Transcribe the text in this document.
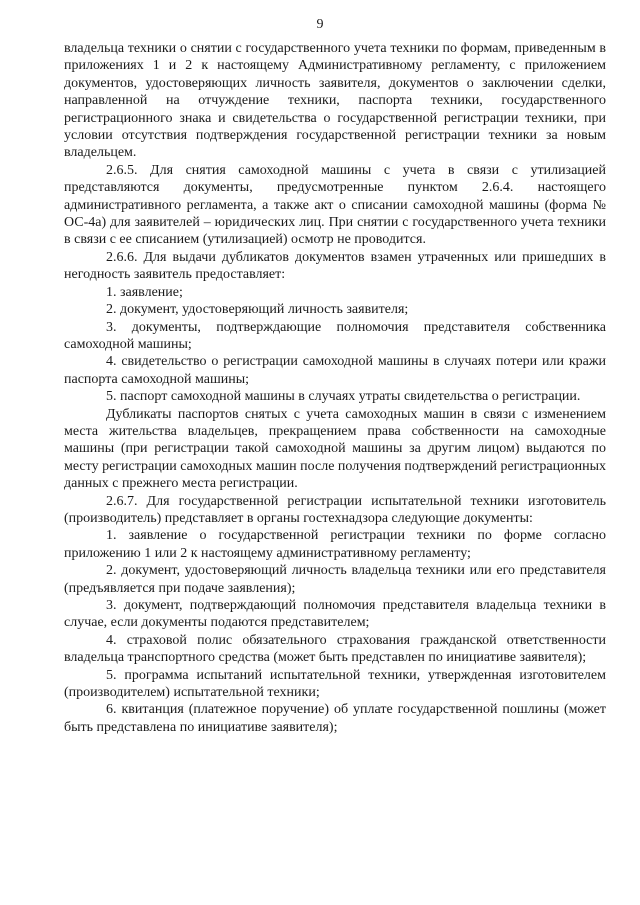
9

владельца техники о снятии с государственного учета техники по формам, приведенным в приложениях 1 и 2 к настоящему Административному регламенту, с приложением документов, удостоверяющих личность заявителя, документов о заключении сделки, направленной на отчуждение техники, паспорта техники, государственного регистрационного знака и свидетельства о государственной регистрации техники, при условии отсутствия подтверждения государственной регистрации техники за новым владельцем.

2.6.5. Для снятия самоходной машины с учета в связи с утилизацией представляются документы, предусмотренные пунктом 2.6.4. настоящего административного регламента, а также акт о списании самоходной машины (форма № ОС-4а) для заявителей – юридических лиц. При снятии с государственного учета техники в связи с ее списанием (утилизацией) осмотр не проводится.

2.6.6. Для выдачи дубликатов документов взамен утраченных или пришедших в негодность заявитель предоставляет:

1. заявление;

2. документ, удостоверяющий личность заявителя;

3. документы, подтверждающие полномочия представителя собственника самоходной машины;

4. свидетельство о регистрации самоходной машины в случаях потери или кражи паспорта самоходной машины;

5. паспорт самоходной машины в случаях утраты свидетельства о регистрации.

Дубликаты паспортов снятых с учета самоходных машин в связи с изменением места жительства владельцев, прекращением права собственности на самоходные машины (при регистрации такой самоходной машины за другим лицом) выдаются по месту регистрации самоходных машин после получения подтверждений регистрационных данных с прежнего места регистрации.

2.6.7. Для государственной регистрации испытательной техники изготовитель (производитель) представляет в органы гостехнадзора следующие документы:

1. заявление о государственной регистрации техники по форме согласно приложению 1 или 2 к настоящему административному регламенту;

2. документ, удостоверяющий личность владельца техники или его представителя (предъявляется при подаче заявления);

3. документ, подтверждающий полномочия представителя владельца техники в случае, если документы подаются представителем;

4. страховой полис обязательного страхования гражданской ответственности владельца транспортного средства (может быть представлен по инициативе заявителя);

5. программа испытаний испытательной техники, утвержденная изготовителем (производителем) испытательной техники;

6. квитанция (платежное поручение) об уплате государственной пошлины (может быть представлена по инициативе заявителя);
